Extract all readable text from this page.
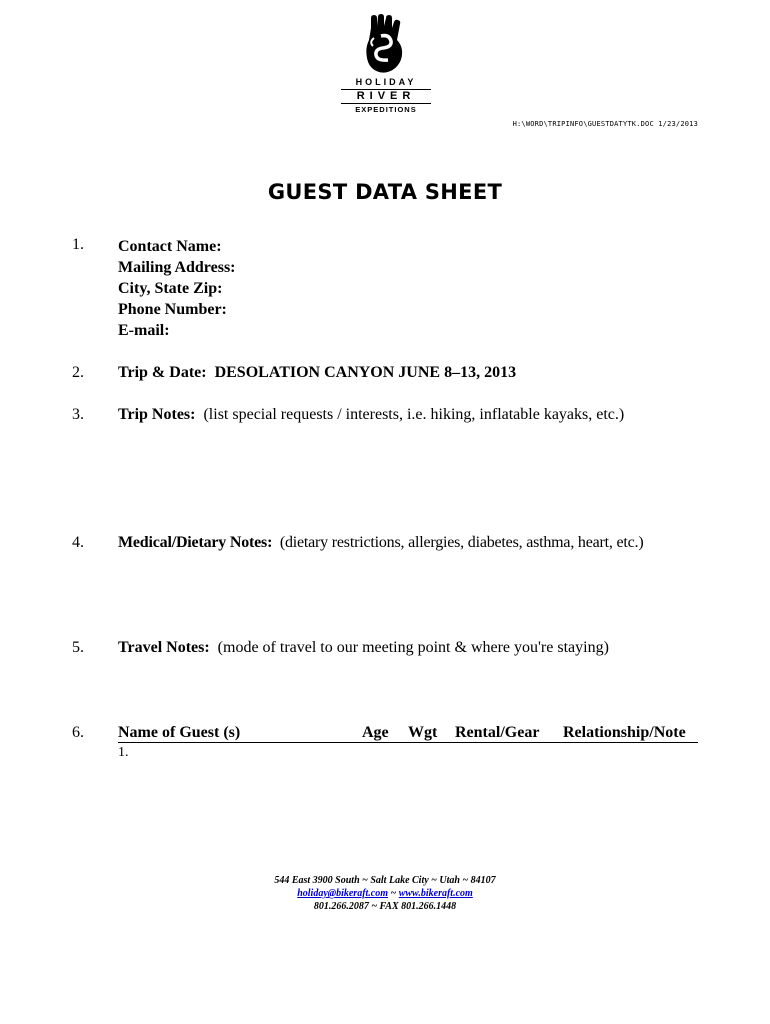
HOLIDAY
RIVER
EXPEDITIONS
H:\WORD\TRIPINFO\GUESTDATYTK.DOC 1/23/2013
GUEST DATA SHEET
1. Contact Name:
Mailing Address:
City, State Zip:
Phone Number:
E-mail:
2. Trip & Date: DESOLATION CANYON JUNE 8–13, 2013
3. Trip Notes: (list special requests / interests, i.e. hiking, inflatable kayaks, etc.)
4. Medical/Dietary Notes: (dietary restrictions, allergies, diabetes, asthma, heart, etc.)
5. Travel Notes: (mode of travel to our meeting point & where you're staying)
6. Name of Guest (s)	Age Wgt Rental/Gear Relationship/Note
1.
544 East 3900 South ~ Salt Lake City ~ Utah ~ 84107
holiday@bikeraft.com ~ www.bikeraft.com
801.266.2087 ~ FAX 801.266.1448
